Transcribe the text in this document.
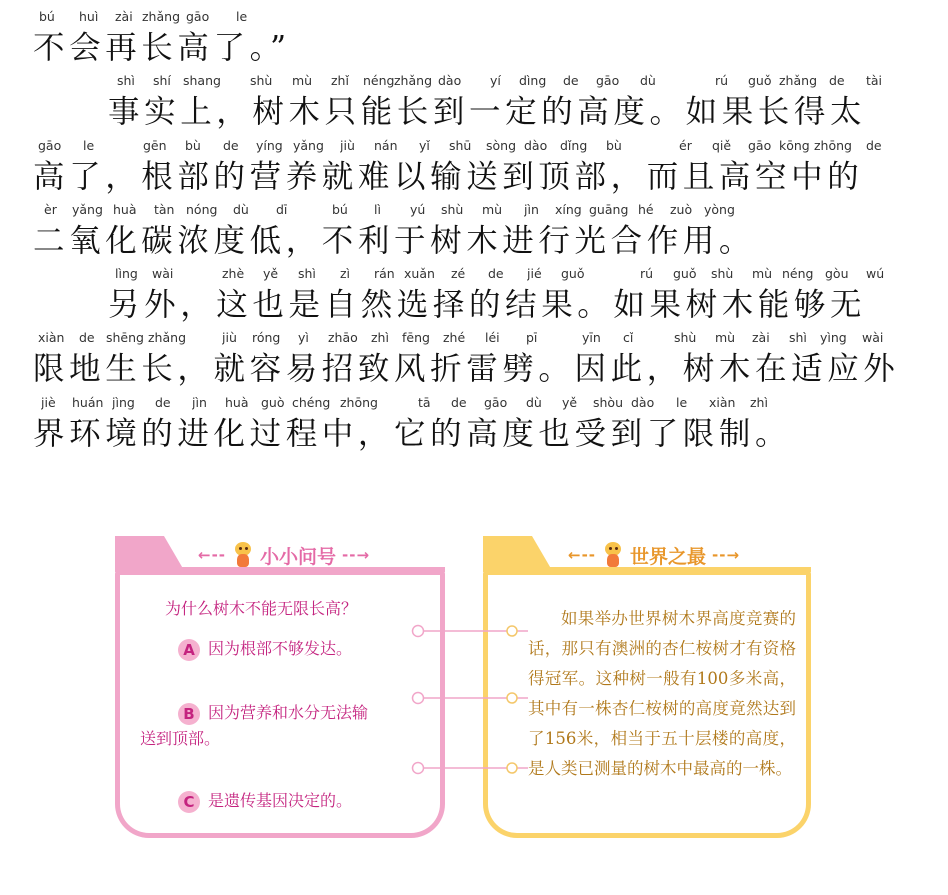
bú huì zài zhǎng gāo le
不会再长高了。”
shì shí shang shù mù zhǐ néng zhǎng dào yí dìng de gāo dù	rú guǒ zhǎng de tài
事实上，树木只能长到一定的高度。如果长得太
gāo le	gēn bù de yíng yǎng jiù nán yǐ shū sòng dào dǐng bù	ér qiě gāo kōng zhōng de
高了，根部的营养就难以输送到顶部，而且高空中的
èr yǎng huà tàn nóng dù dī	bú lì yú shù mù jìn xíng guāng hé zuò yòng
二氧化碳浓度低，不利于树木进行光合作用。
lìng wài	zhè yě shì zì rán xuǎn zé de jié guǒ	rú guǒ shù mù néng gòu wú
另外，这也是自然选择的结果。如果树木能够无
xiàn de shēng zhǎng	jiù róng yì zhāo zhì fēng zhé léi pī	yīn cǐ	shù mù zài shì yìng wài
限地生长，就容易招致风折雷劈。因此，树木在适应外
jiè huán jìng de jìn huà guò chéng zhōng	tā de gāo dù yě shòu dào le xiàn zhì
界环境的进化过程中，它的高度也受到了限制。
←-- 小小问号 --→
为什么树木不能无限长高？
A 因为根部不够发达。
B 因为营养和水分无法输
送到顶部。
C 是遗传基因决定的。
←-- 世界之最 --→
如果举办世界树木界高度竞赛的话，那只有澳洲的杏仁桉树才有资格得冠军。这种树一般有100多米高，其中有一株杏仁桉树的高度竟然达到了156米，相当于五十层楼的高度，是人类已测量的树木中最高的一株。
